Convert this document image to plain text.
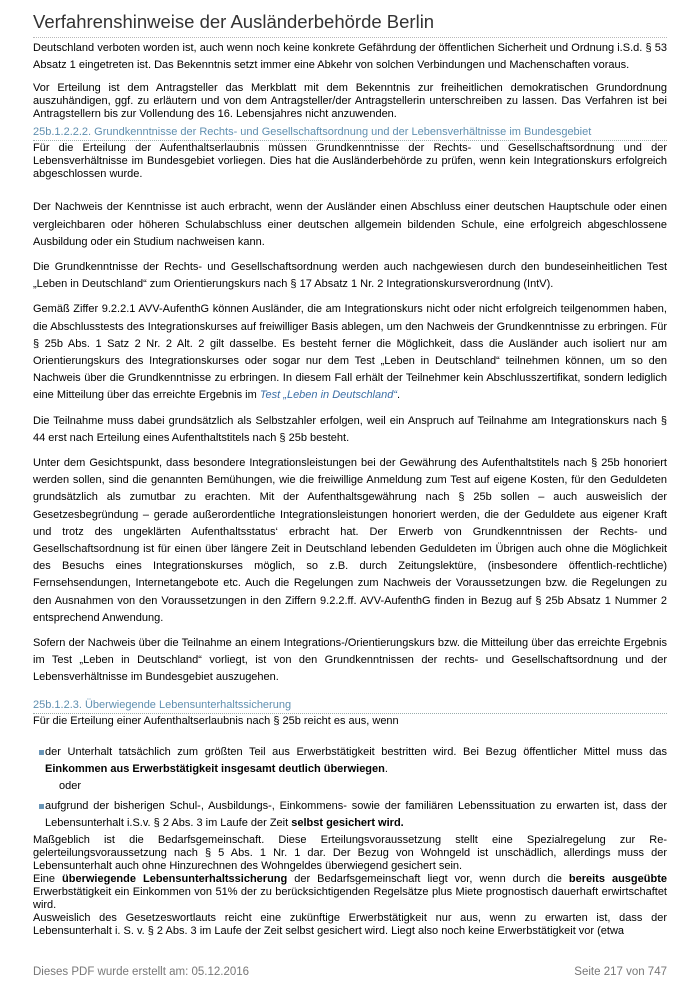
Verfahrenshinweise der Ausländerbehörde Berlin

Deutschland verboten worden ist, auch wenn noch keine konkrete Gefährdung der öffentlichen Sicherheit und Ordnung i.S.d. § 53 Absatz 1 eingetreten ist. Das Bekenntnis setzt immer eine Abkehr von solchen Verbindungen und Machenschaften voraus.

Vor Erteilung ist dem Antragsteller das Merkblatt mit dem Bekenntnis zur freiheitlichen demokratischen Grundordnung auszuhändigen, ggf. zu erläutern und von dem Antragsteller/der Antragstellerin unterschreiben zu lassen. Das Verfahren ist bei Antragstellern bis zur Vollendung des 16. Lebensjahres nicht anzuwenden.

25b.1.2.2.2. Grundkenntnisse der Rechts- und Gesellschaftsordnung und der Lebensverhältnisse im Bundesgebiet

Für die Erteilung der Aufenthaltserlaubnis müssen Grundkenntnisse der Rechts- und Gesellschaftsordnung und der Lebensverhältnisse im Bundesgebiet vorliegen. Dies hat die Ausländerbehörde zu prüfen, wenn kein Integrationskurs erfolgreich abgeschlossen wurde.

Der Nachweis der Kenntnisse ist auch erbracht, wenn der Ausländer einen Abschluss einer deutschen Hauptschule oder einen vergleichbaren oder höheren Schulabschluss einer deutschen allgemein bildenden Schule, eine erfolgreich abgeschlossene Ausbildung oder ein Studium nachweisen kann.

Die Grundkenntnisse der Rechts- und Gesellschaftsordnung werden auch nachgewiesen durch den bundeseinheitlichen Test „Leben in Deutschland“ zum Orientierungskurs nach § 17 Absatz 1 Nr. 2 Integrationskursverordnung (IntV).

Gemäß Ziffer 9.2.2.1 AVV-AufenthG können Ausländer, die am Integrationskurs nicht oder nicht erfolgreich teilgenommen haben, die Abschlusstests des Integrationskurses auf freiwilliger Basis ablegen, um den Nachweis der Grundkenntnisse zu erbringen. Für § 25b Abs. 1 Satz 2 Nr. 2 Alt. 2 gilt dasselbe. Es besteht ferner die Möglichkeit, dass die Ausländer auch isoliert nur am Orientierungskurs des Integrationskurses oder sogar nur dem Test „Leben in Deutschland“ teilnehmen können, um so den Nachweis über die Grundkenntnisse zu erbringen. In diesem Fall erhält der Teilnehmer kein Abschlusszertifikat, sondern lediglich eine Mitteilung über das erreichte Ergebnis im Test „Leben in Deutschland“.

Die Teilnahme muss dabei grundsätzlich als Selbstzahler erfolgen, weil ein Anspruch auf Teilnahme am Integrationskurs nach § 44 erst nach Erteilung eines Aufenthaltstitels nach § 25b besteht.

Unter dem Gesichtspunkt, dass besondere Integrationsleistungen bei der Gewährung des Aufenthaltstitels nach § 25b honoriert werden sollen, sind die genannten Bemühungen, wie die freiwillige Anmeldung zum Test auf eigene Kosten, für den Geduldeten grundsätzlich als zumutbar zu erachten. Mit der Aufenthaltsgewährung nach § 25b sollen – auch ausweislich der Gesetzesbegründung – gerade außerordentliche Integrationsleistungen honoriert werden, die der Geduldete aus eigener Kraft und trotz des ungeklärten Aufenthaltsstatus‘ erbracht hat. Der Erwerb von Grundkenntnissen der Rechts- und Gesellschaftsordnung ist für einen über längere Zeit in Deutschland lebenden Geduldeten im Übrigen auch ohne die Möglichkeit des Besuchs eines Integrationskurses möglich, so z.B. durch Zeitungslektüre, (insbesondere öffentlich-rechtliche) Fernsehsendungen, Internetangebote etc. Auch die Regelungen zum Nachweis der Voraussetzungen bzw. die Regelungen zu den Ausnahmen von den Voraussetzungen in den Ziffern 9.2.2.ff. AVV-AufenthG finden in Bezug auf § 25b Absatz 1 Nummer 2 entsprechend Anwendung.

Sofern der Nachweis über die Teilnahme an einem Integrations-/Orientierungskurs bzw. die Mitteilung über das erreichte Ergebnis im Test „Leben in Deutschland“ vorliegt, ist von den Grundkenntnissen der rechts- und Gesellschaftsordnung und der Lebensverhältnisse im Bundesgebiet auszugehen.

25b.1.2.3. Überwiegende Lebensunterhaltssicherung

Für die Erteilung einer Aufenthaltserlaubnis nach § 25b reicht es aus, wenn

der Unterhalt tatsächlich zum größten Teil aus Erwerbstätigkeit bestritten wird. Bei Bezug öffentlicher Mittel muss das Einkommen aus Erwerbstätigkeit insgesamt deutlich überwiegen.
oder
aufgrund der bisherigen Schul-, Ausbildungs-, Einkommens- sowie der familiären Lebenssituation zu erwarten ist, dass der Lebensunterhalt i.S.v. § 2 Abs. 3 im Laufe der Zeit selbst gesichert wird.

Maßgeblich ist die Bedarfsgemeinschaft. Diese Erteilungsvoraussetzung stellt eine Spezialregelung zur Re-gelerteilungsvoraussetzung nach § 5 Abs. 1 Nr. 1 dar. Der Bezug von Wohngeld ist unschädlich, allerdings muss der Lebensunterhalt auch ohne Hinzurechnen des Wohngeldes überwiegend gesichert sein.

Eine überwiegende Lebensunterhaltssicherung der Bedarfsgemeinschaft liegt vor, wenn durch die bereits ausgeübte Erwerbstätigkeit ein Einkommen von 51% der zu berücksichtigenden Regelsätze plus Miete prognostisch dauerhaft erwirtschaftet wird.

Ausweislich des Gesetzeswortlauts reicht eine zukünftige Erwerbstätigkeit nur aus, wenn zu erwarten ist, dass der Lebensunterhalt i. S. v. § 2 Abs. 3 im Laufe der Zeit selbst gesichert wird. Liegt also noch keine Erwerbstätigkeit vor (etwa

Dieses PDF wurde erstellt am: 05.12.2016	Seite 217 von 747
